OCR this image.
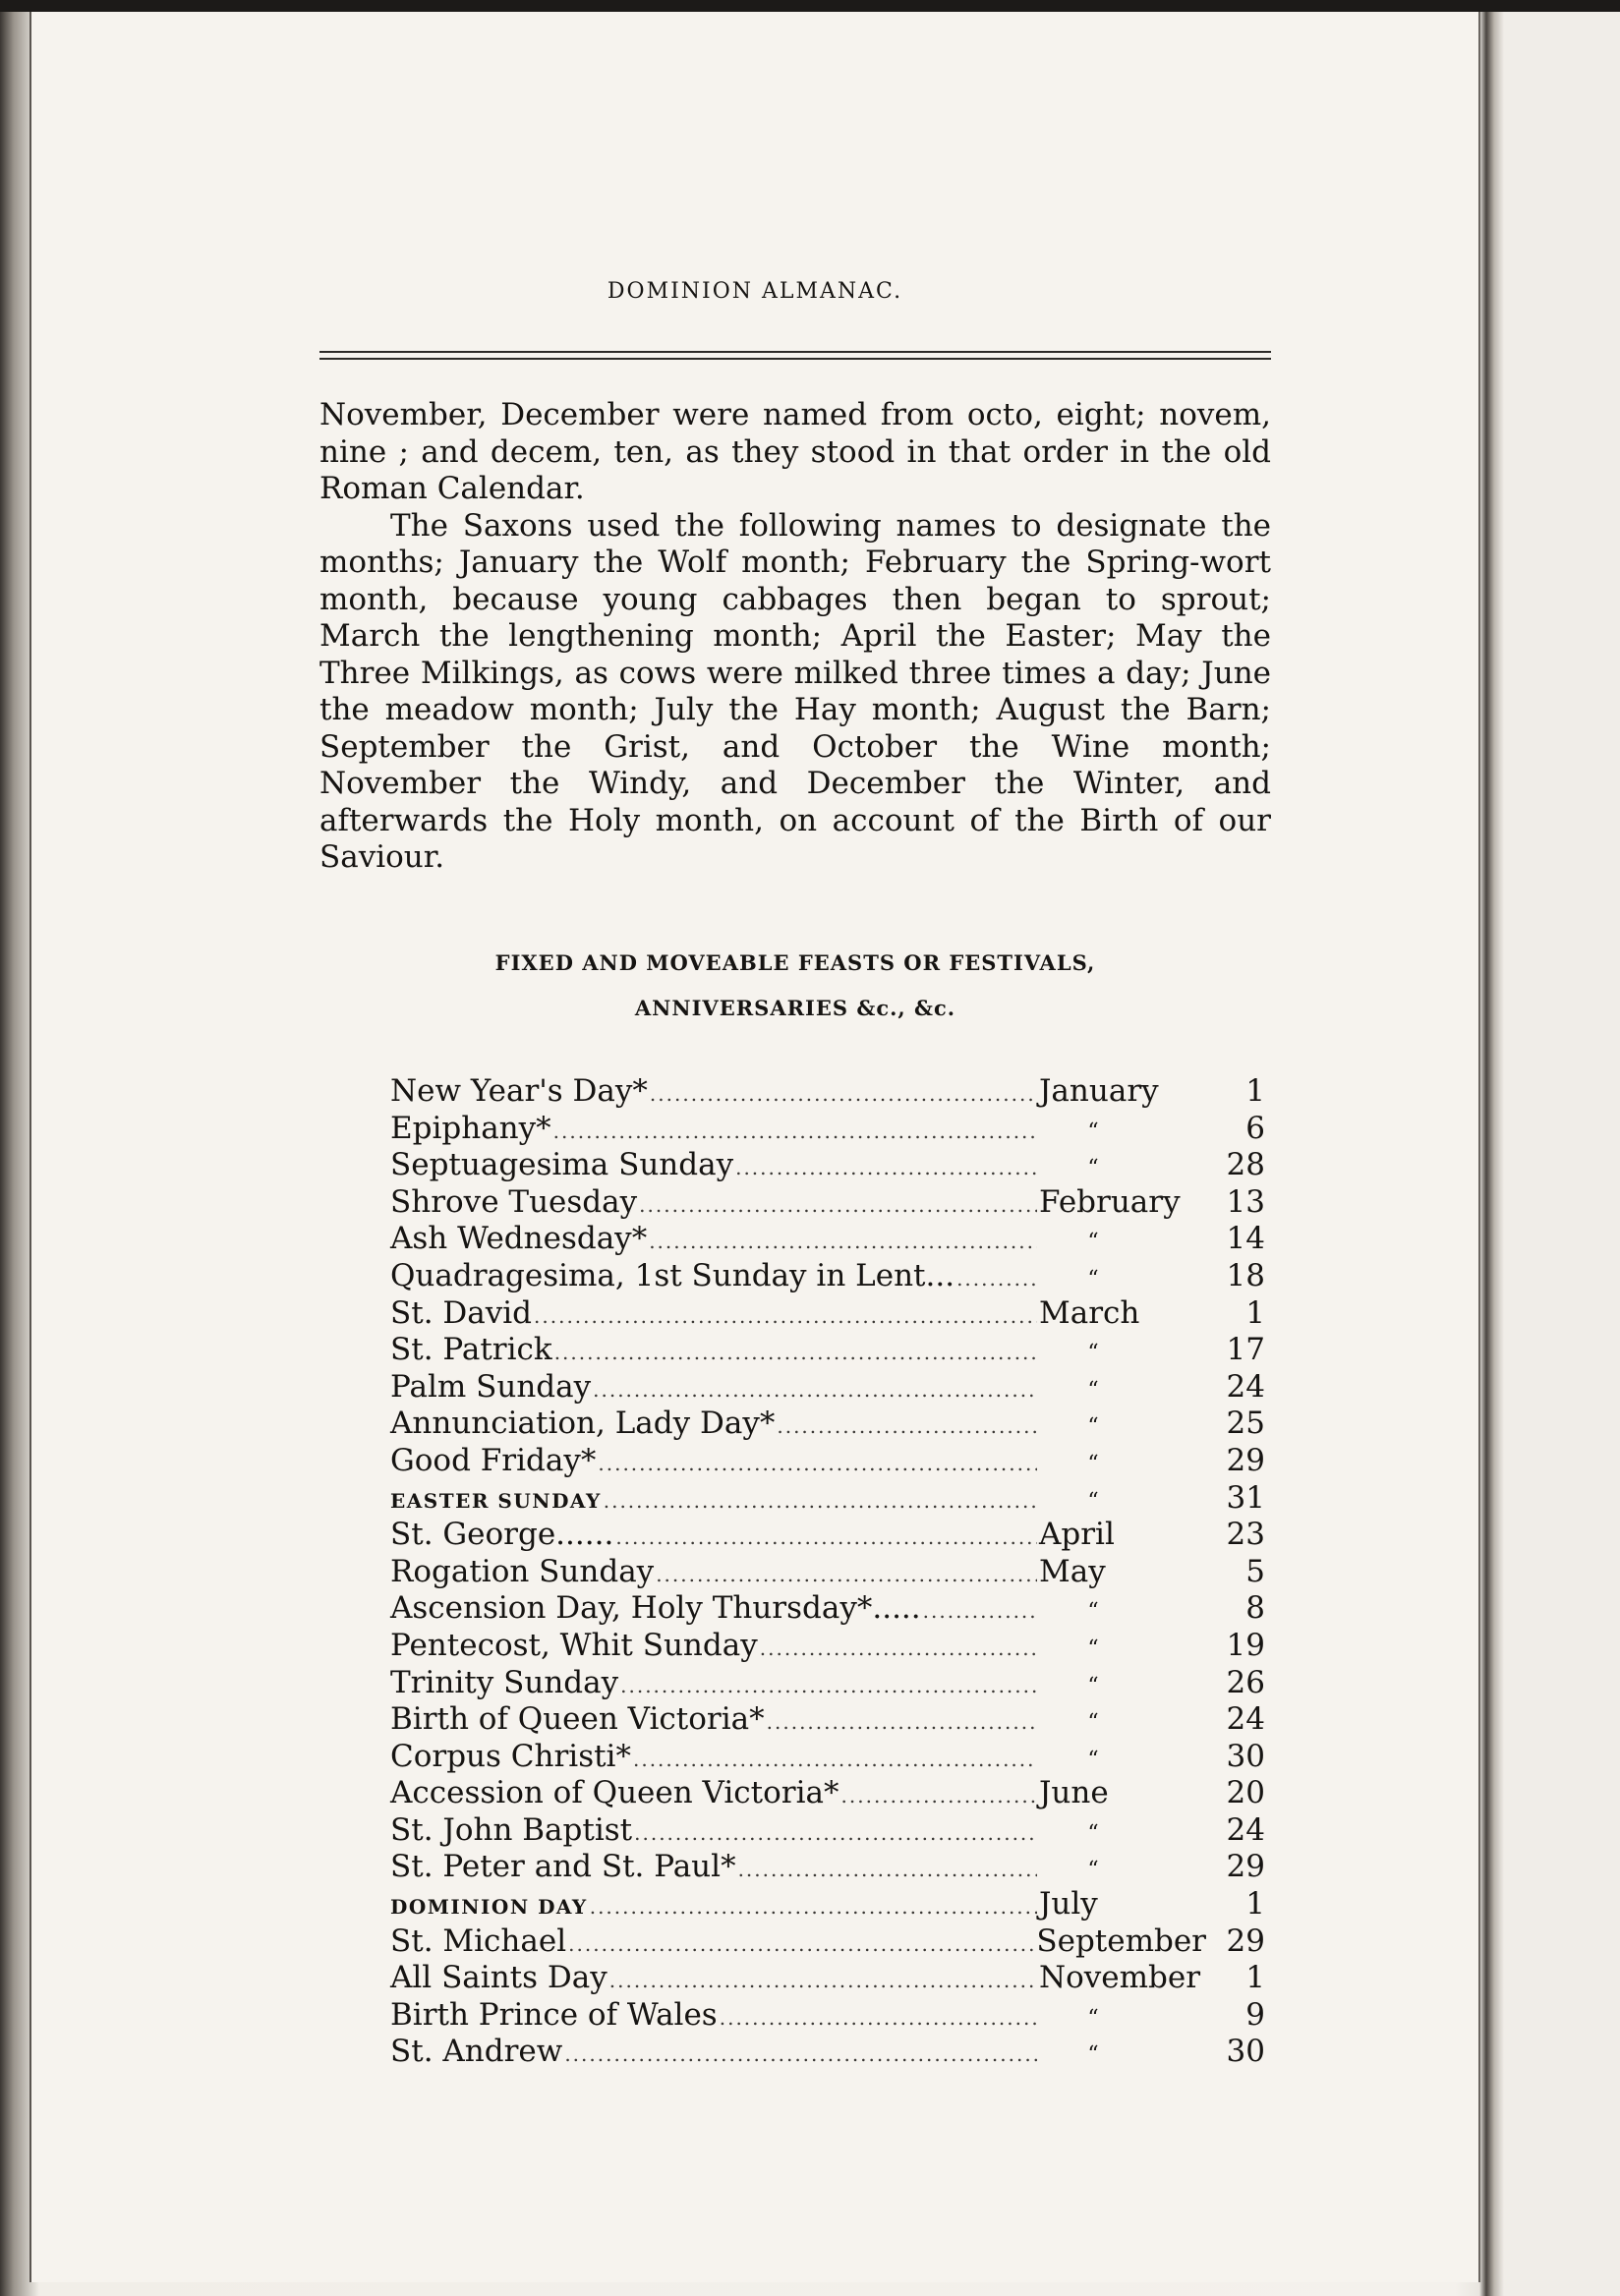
DOMINION ALMANAC.

November, December were named from octo, eight; novem, nine ; and decem, ten, as they stood in that order in the old Roman Calendar.

The Saxons used the following names to designate the months; January the Wolf month; February the Spring-wort month, because young cabbages then began to sprout; March the lengthening month; April the Easter; May the Three Milkings, as cows were milked three times a day; June the meadow month; July the Hay month; August the Barn; September the Grist, and October the Wine month; November the Windy, and December the Winter, and afterwards the Holy month, on account of the Birth of our Saviour.

FIXED AND MOVEABLE FEASTS OR FESTIVALS,
ANNIVERSARIES &c., &c.
New Year's Day* .....	January	1
Epiphany* .....	“	6
Septuagesima Sunday .....	“	28
Shrove Tuesday .....	February	13
Ash Wednesday* .....	“	14
Quadragesima, 1st Sunday in Lent... .....	“	18
St. David .....	March	1
St. Patrick .....	“	17
Palm Sunday .....	“	24
Annunciation, Lady Day* .....	“	25
Good Friday* .....	“	29
EASTER SUNDAY .....	“	31
St. George...... .....	April	23
Rogation Sunday .....	May	5
Ascension Day, Holy Thursday*..... .....	“	8
Pentecost, Whit Sunday .....	“	19
Trinity Sunday .....	“	26
Birth of Queen Victoria* .....	“	24
Corpus Christi* .....	“	30
Accession of Queen Victoria* .....	June	20
St. John Baptist .....	“	24
St. Peter and St. Paul* .....	“	29
DOMINION DAY .....	July	1
St. Michael .....	September 29
All Saints Day .....	November	1
Birth Prince of Wales .....	“	9
St. Andrew .....	“	30
